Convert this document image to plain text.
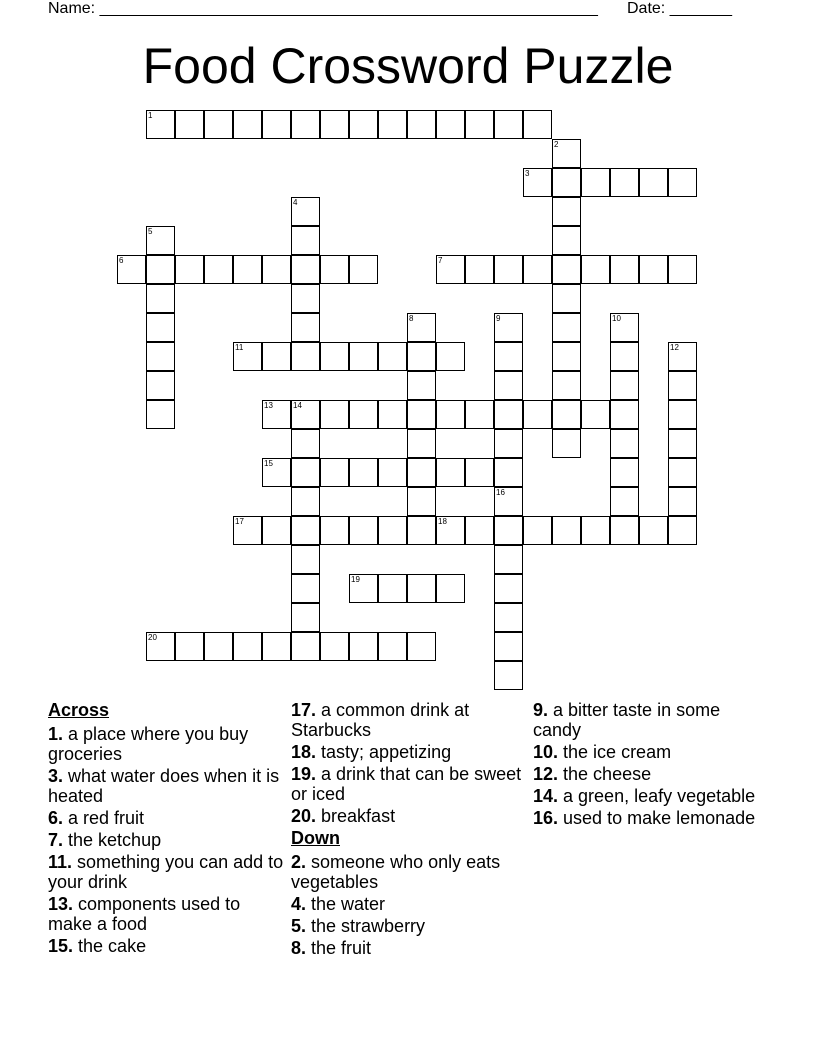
Name: ________________________________________________________ Date: _______
Food Crossword Puzzle
1
2
3
4
5
6	7
8	9	10
11	12
13	14
15
16
17	18
19
20
Across
1. a place where you buy groceries
3. what water does when it is heated
6. a red fruit
7. the ketchup
11. something you can add to your drink
13. components used to make a food
15. the cake
17. a common drink at Starbucks
18. tasty; appetizing
19. a drink that can be sweet or iced
20. breakfast
Down
2. someone who only eats vegetables
4. the water
5. the strawberry
8. the fruit
9. a bitter taste in some candy
10. the ice cream
12. the cheese
14. a green, leafy vegetable
16. used to make lemonade
